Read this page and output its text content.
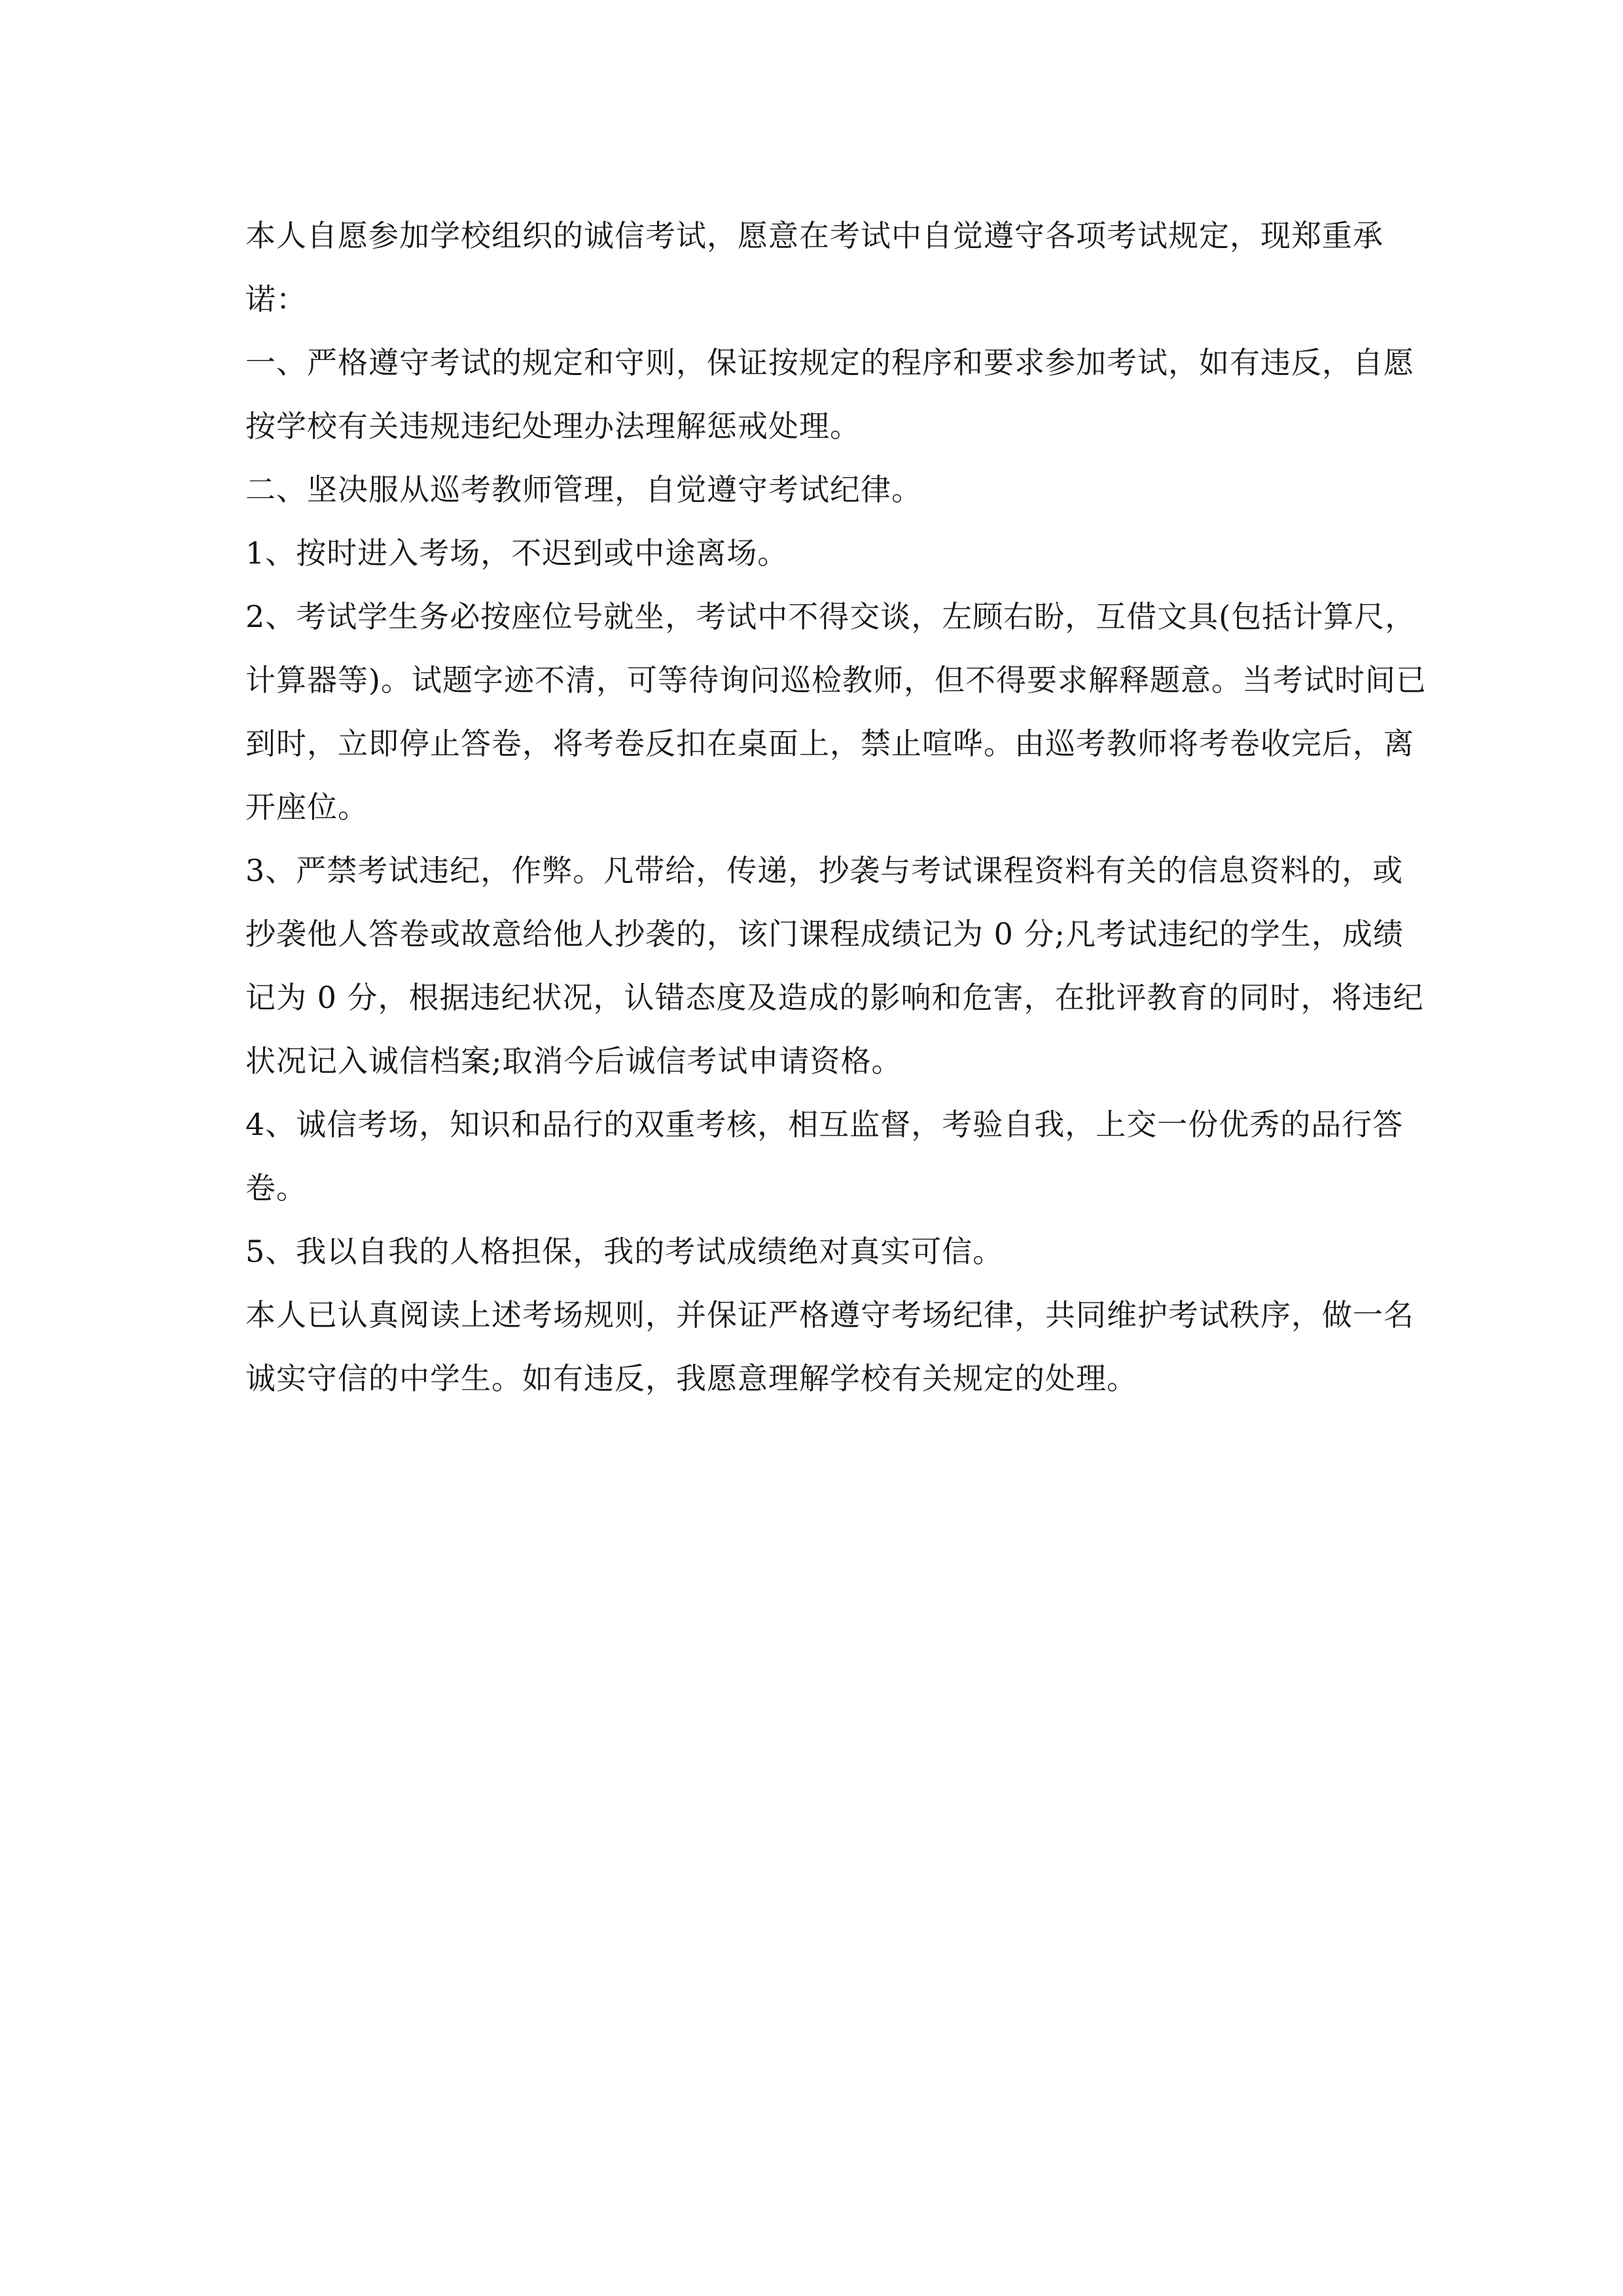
本人自愿参加学校组织的诚信考试，愿意在考试中自觉遵守各项考试规定，现郑重承诺：

一、严格遵守考试的规定和守则，保证按规定的程序和要求参加考试，如有违反，自愿按学校有关违规违纪处理办法理解惩戒处理。

二、坚决服从巡考教师管理，自觉遵守考试纪律。

1、按时进入考场，不迟到或中途离场。

2、考试学生务必按座位号就坐，考试中不得交谈，左顾右盼，互借文具(包括计算尺，计算器等)。试题字迹不清，可等待询问巡检教师，但不得要求解释题意。当考试时间已到时，立即停止答卷，将考卷反扣在桌面上，禁止喧哗。由巡考教师将考卷收完后，离开座位。

3、严禁考试违纪，作弊。凡带给，传递，抄袭与考试课程资料有关的信息资料的，或抄袭他人答卷或故意给他人抄袭的，该门课程成绩记为 0 分;凡考试违纪的学生，成绩记为 0 分，根据违纪状况，认错态度及造成的影响和危害，在批评教育的同时，将违纪状况记入诚信档案;取消今后诚信考试申请资格。

4、诚信考场，知识和品行的双重考核，相互监督，考验自我，上交一份优秀的品行答卷。

5、我以自我的人格担保，我的考试成绩绝对真实可信。

本人已认真阅读上述考场规则，并保证严格遵守考场纪律，共同维护考试秩序，做一名诚实守信的中学生。如有违反，我愿意理解学校有关规定的处理。
